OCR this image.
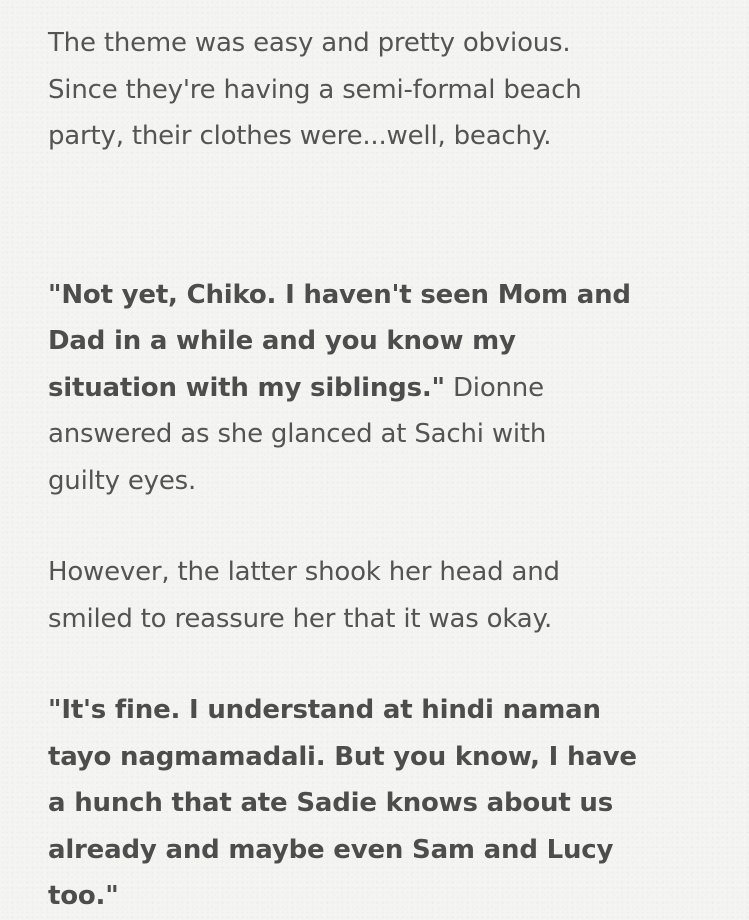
The theme was easy and pretty obvious.
Since they're having a semi-formal beach
party, their clothes were...well, beachy.

"Not yet, Chiko. I haven't seen Mom and
Dad in a while and you know my
situation with my siblings." Dionne
answered as she glanced at Sachi with
guilty eyes.

However, the latter shook her head and
smiled to reassure her that it was okay.

"It's fine. I understand at hindi naman
tayo nagmamadali. But you know, I have
a hunch that ate Sadie knows about us
already and maybe even Sam and Lucy
too."
